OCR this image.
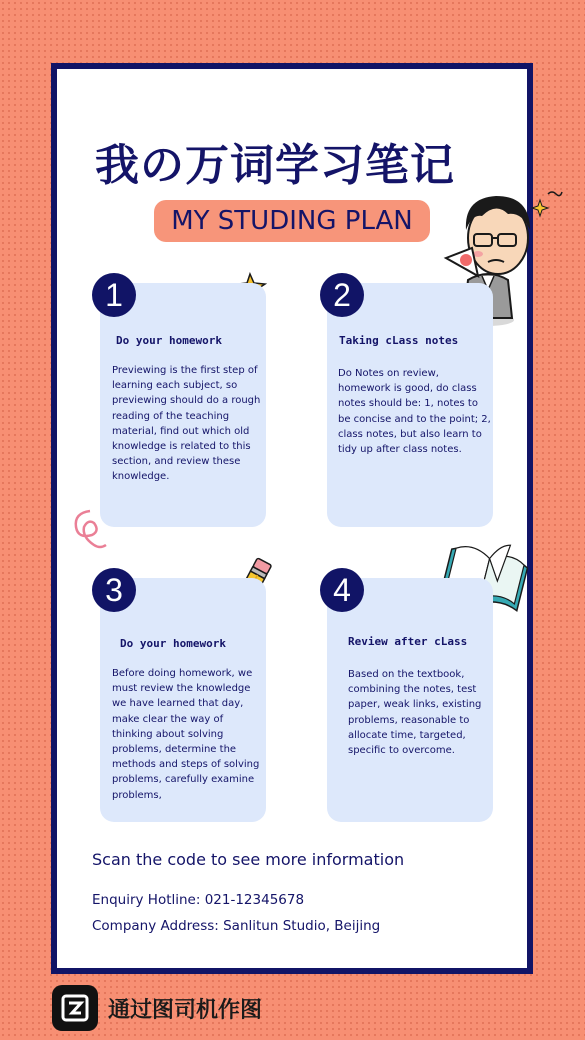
我の万词学习笔记
MY STUDING PLAN
1
Do your homework
Previewing is the first step of learning each subject, so previewing should do a rough reading of the teaching material, find out which old knowledge is related to this section, and review these knowledge.
2
Taking cLass notes
Do Notes on review, homework is good, do class notes should be: 1, notes to be concise and to the point; 2, class notes, but also learn to tidy up after class notes.
3
Do your homework
Before doing homework, we must review the knowledge we have learned that day, make clear the way of thinking about solving problems, determine the methods and steps of solving problems, carefully examine problems,
4
Review after cLass
Based on the textbook, combining the notes, test paper, weak links, existing problems, reasonable to allocate time, targeted, specific to overcome.
Scan the code to see more information
Enquiry Hotline: 021-12345678
Company Address: Sanlitun Studio, Beijing
通过图司机作图
